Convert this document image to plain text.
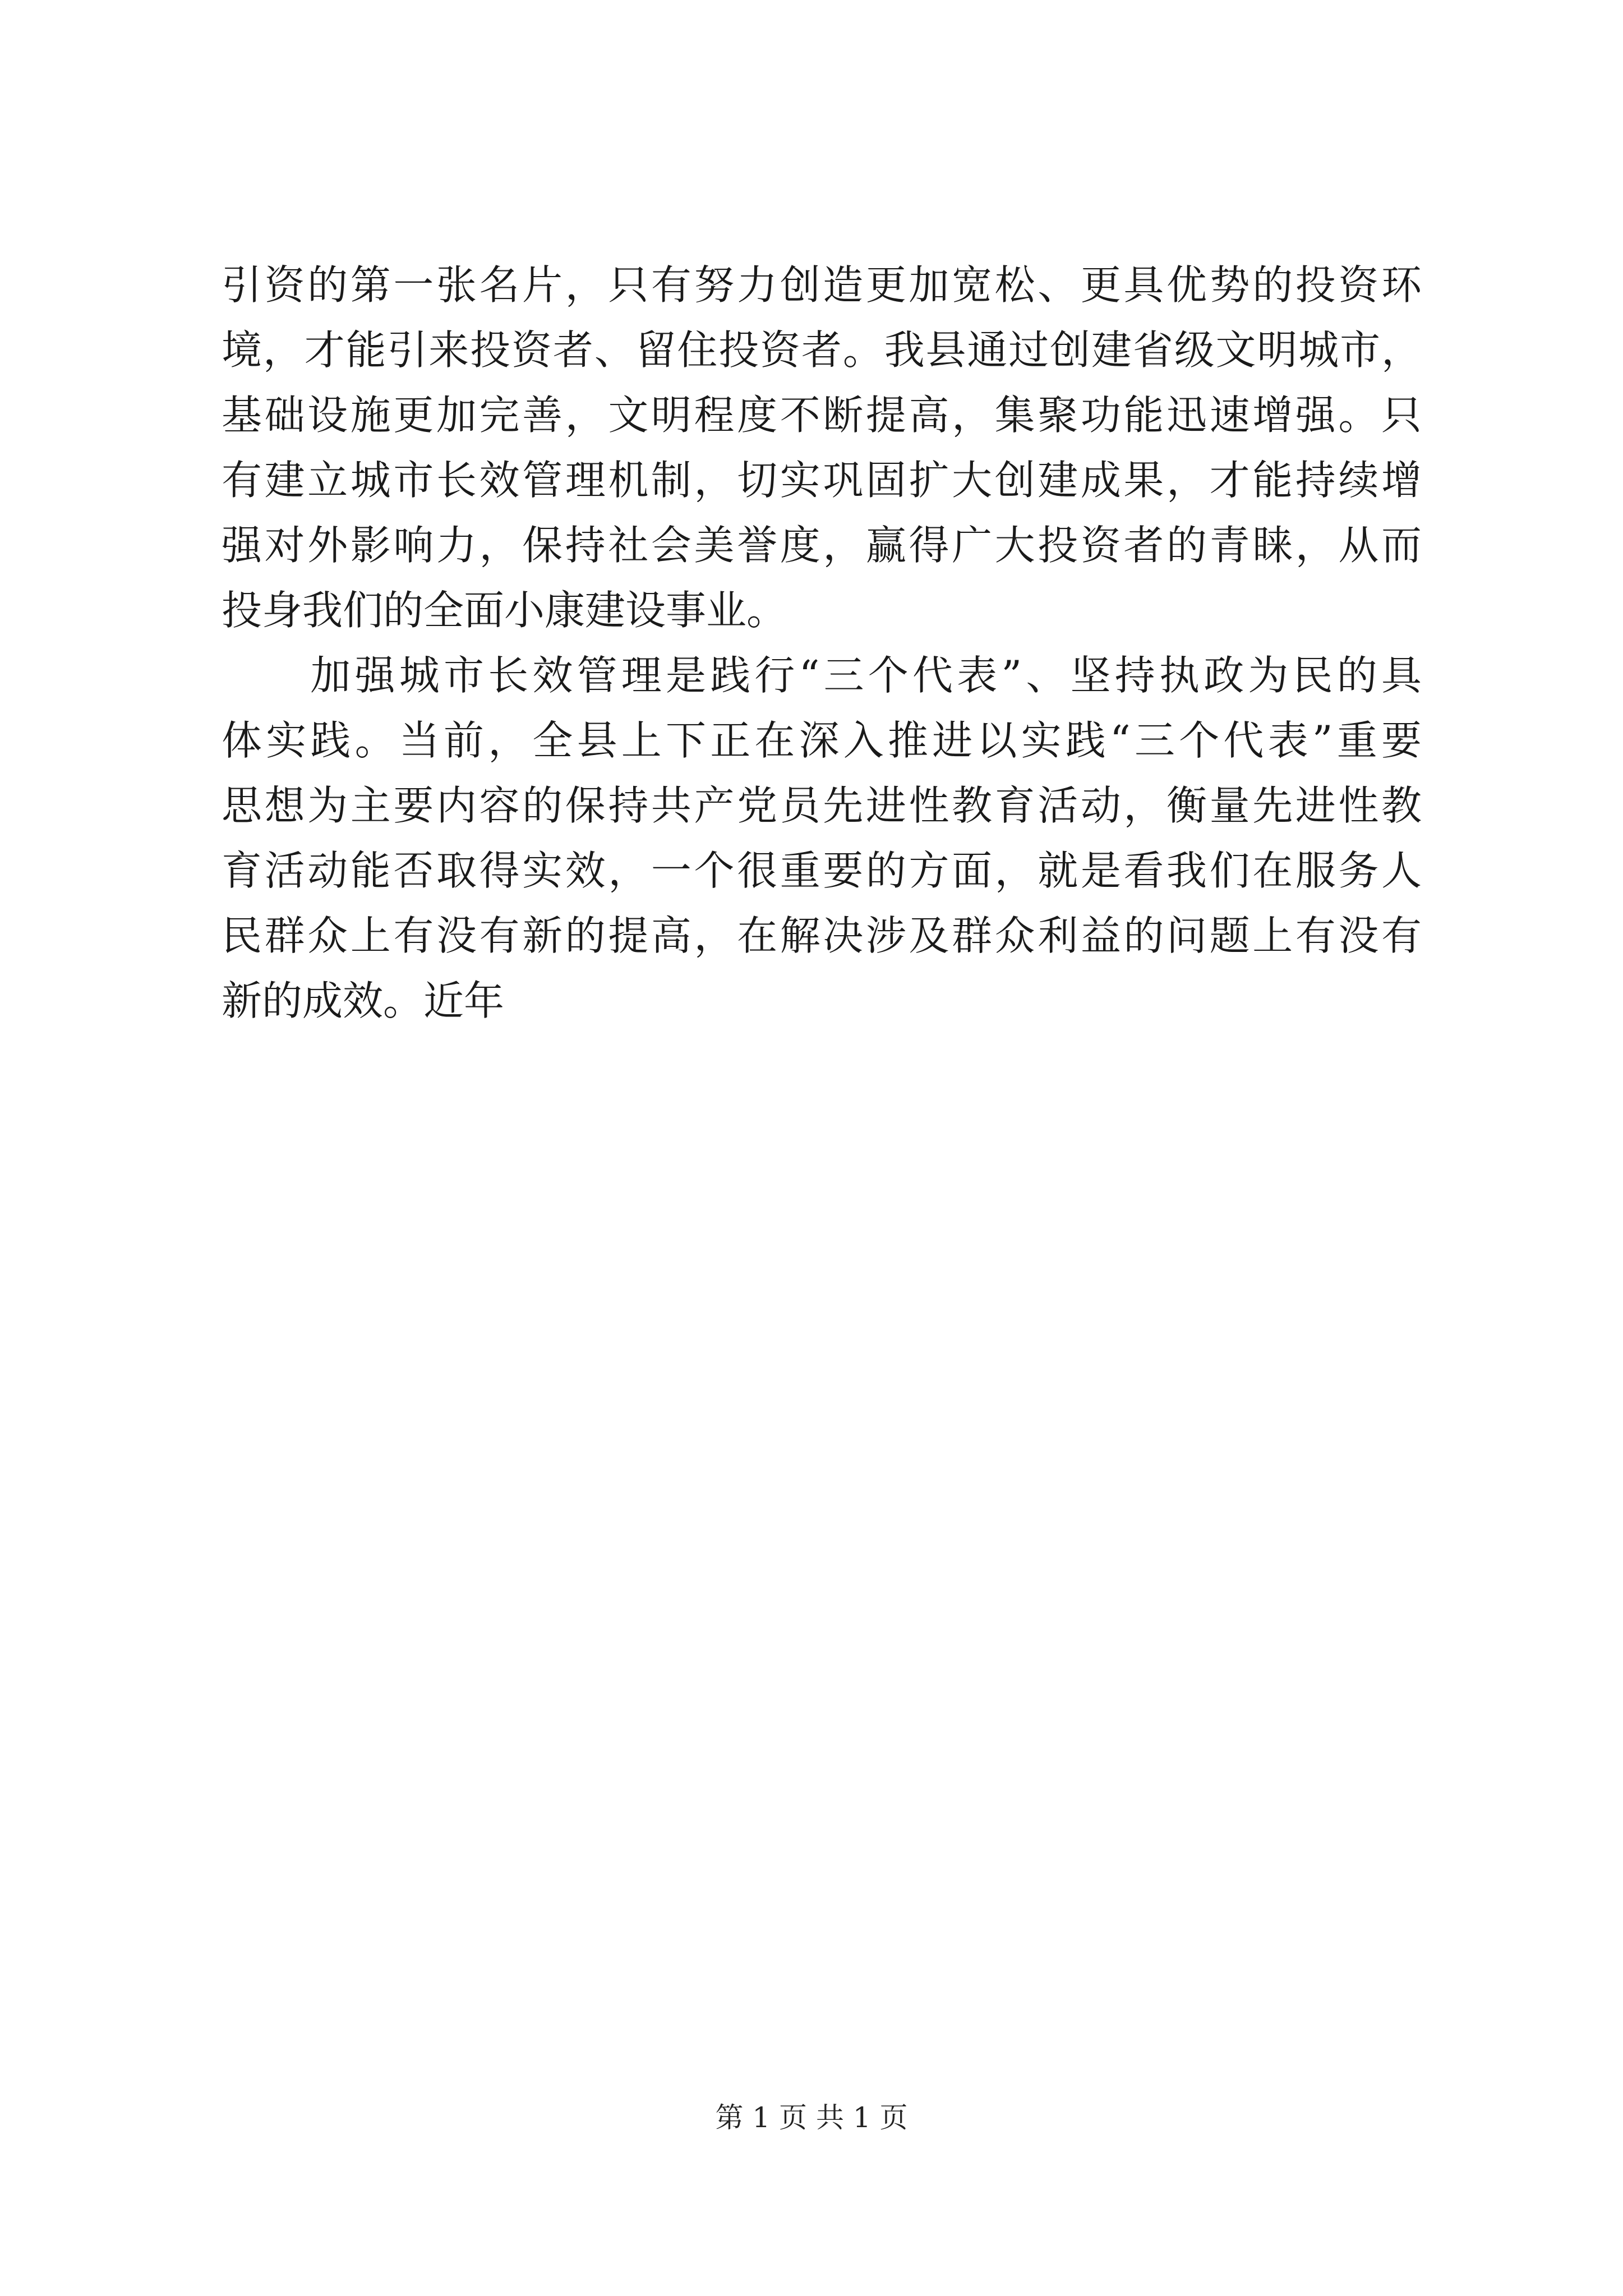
引资的第一张名片，只有努力创造更加宽松、更具优势的投资环
境，才能引来投资者、留住投资者。我县通过创建省级文明城市，
基础设施更加完善，文明程度不断提高，集聚功能迅速增强。只
有建立城市长效管理机制，切实巩固扩大创建成果，才能持续增
强对外影响力，保持社会美誉度，赢得广大投资者的青睐，从而
投身我们的全面小康建设事业。
　　加强城市长效管理是践行“三个代表”、坚持执政为民的具
体实践。当前，全县上下正在深入推进以实践“三个代表”重要
思想为主要内容的保持共产党员先进性教育活动，衡量先进性教
育活动能否取得实效，一个很重要的方面，就是看我们在服务人
民群众上有没有新的提高，在解决涉及群众利益的问题上有没有
新的成效。近年
第 1 页 共 1 页
